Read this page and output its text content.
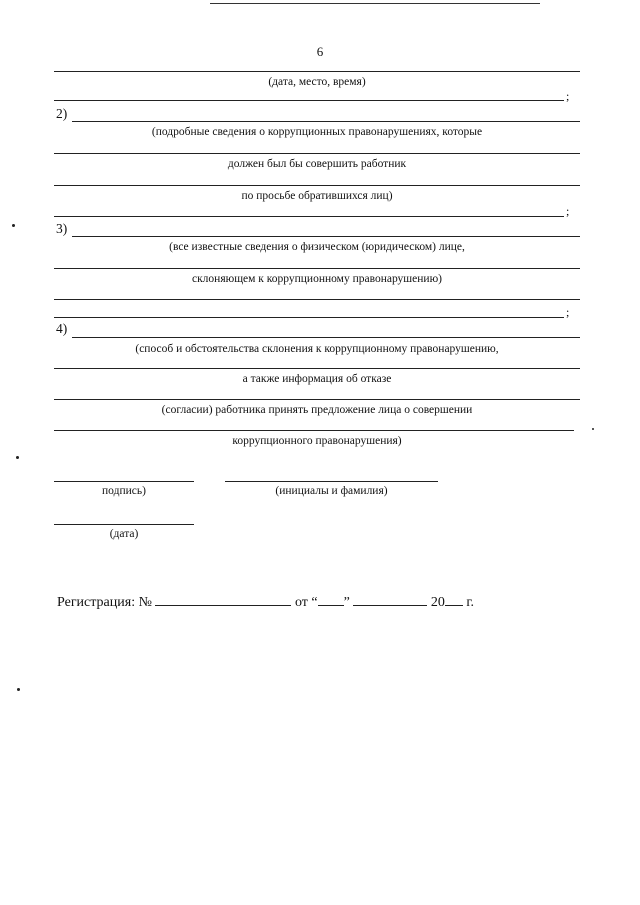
6
(дата, место, время)
;
2)
(подробные сведения о коррупционных правонарушениях, которые
должен был бы совершить работник
по просьбе обратившихся лиц)
;
3)
(все известные сведения о физическом (юридическом) лице,
склоняющем к коррупционному правонарушению)
;
4)
(способ и обстоятельства склонения к коррупционному правонарушению,
а также информация об отказе
(согласии) работника принять предложение лица о совершении
коррупционного правонарушения)
подпись)	(инициалы и фамилия)
(дата)
Регистрация: №	от “ ”	20 г.
